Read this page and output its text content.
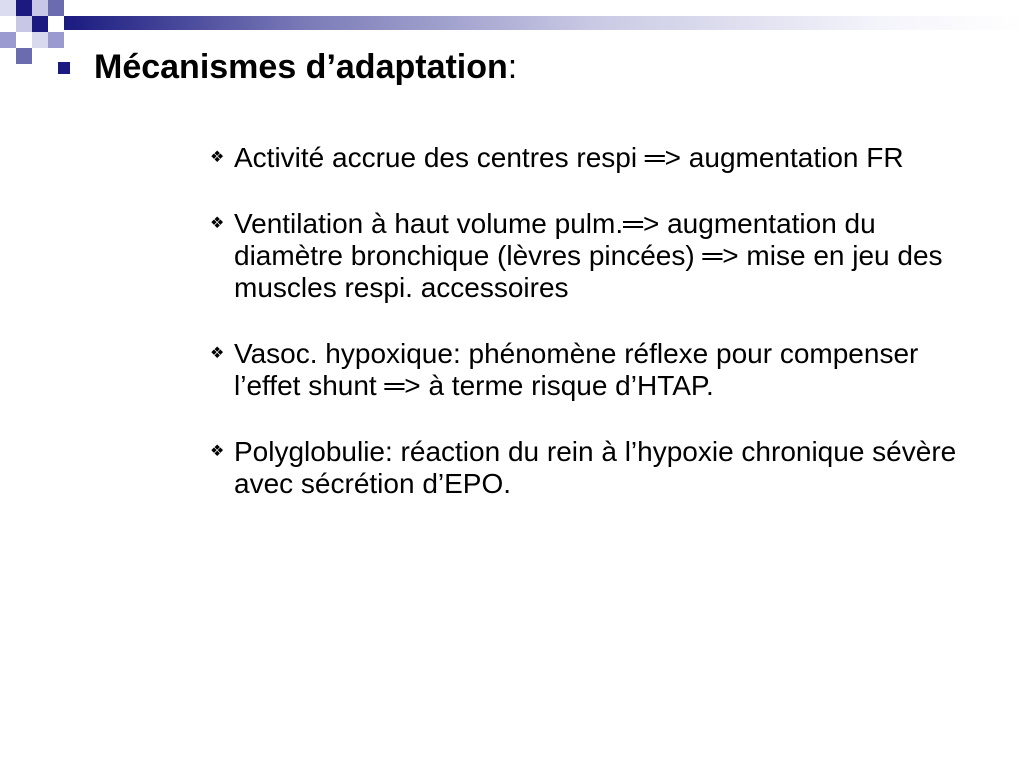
Mécanismes d’adaptation:
❖ Activité accrue des centres respi ═> augmentation FR
❖ Ventilation à haut volume pulm.═> augmentation du diamètre bronchique (lèvres pincées) ═> mise en jeu des muscles respi. accessoires
❖ Vasoc. hypoxique: phénomène réflexe pour compenser l’effet shunt ═> à terme risque d’HTAP.
❖ Polyglobulie: réaction du rein à l’hypoxie chronique sévère avec sécrétion d’EPO.
